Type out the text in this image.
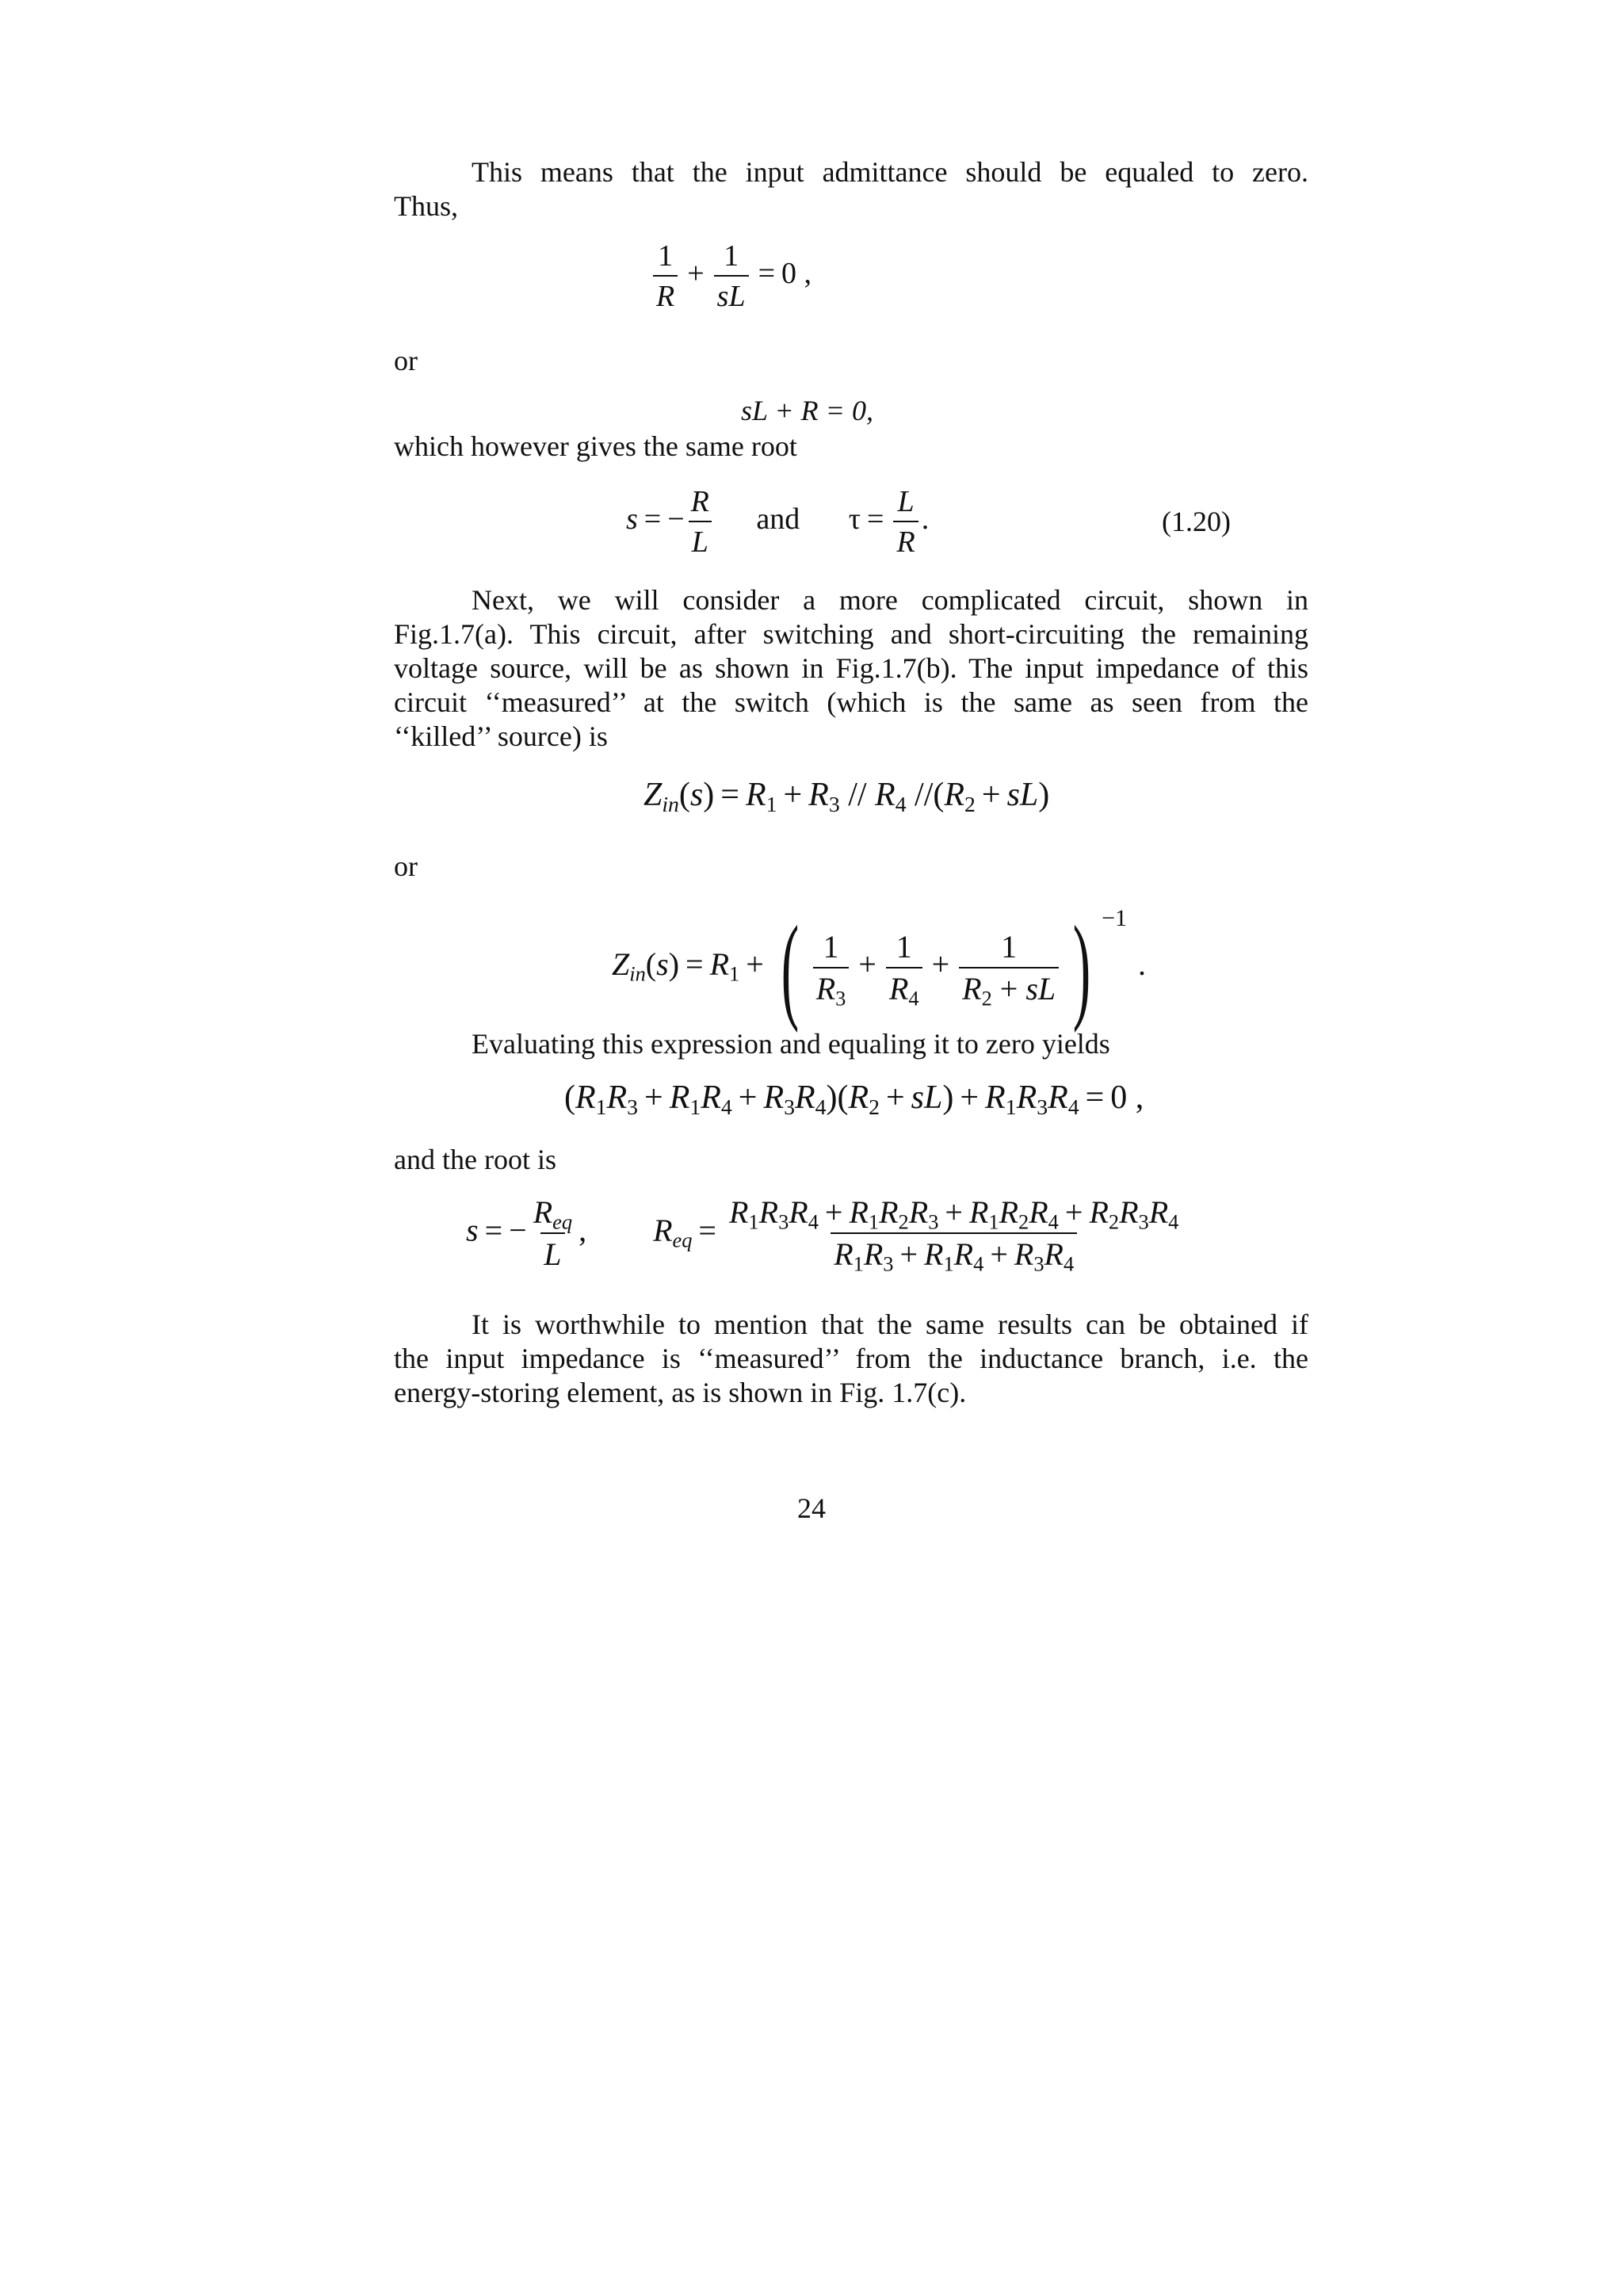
This means that the input admittance should be equaled to zero.
Thus,
$\frac{1}{R} + \frac{1}{sL} = 0$ ,
or
sL + R = 0,
which however gives the same root
s = − $\frac{R}{L}$ and $\tau = \frac{L}{R}$ .	(1.20)
Next, we will consider a more complicated circuit, shown in
Fig.1.7(a). This circuit, after switching and short-circuiting the remaining
voltage source, will be as shown in Fig.1.7(b). The input impedance of this
circuit ‘‘measured’’ at the switch (which is the same as seen from the
‘‘killed’’ source) is
$Z_{in}(s) = R_1 + R_3 // R_4$ $//(R_2 + sL)$
or
$Z_{in}(s) = R_1$ + ( $\frac{1}{R_3} + \frac{1}{R_4} + \frac{1}{R_2 + sL}$ ) $^{-1}$.
Evaluating this expression and equaling it to zero yields
$(R_1R_3 + R_1R_4 + R_3R_4)(R_2 + sL) + R_1R_3R_4 = 0$ ,
and the root is
s = − $\frac{R_{eq}}{L}$ , $R_{eq} = \frac{R_1R_3R_4 + R_1R_2R_3 + R_1R_2R_4 + R_2R_3R_4}{R_1R_3 + R_1R_4 + R_3R_4}$
It is worthwhile to mention that the same results can be obtained if
the input impedance is ‘‘measured’’ from the inductance branch, i.e. the
energy-storing element, as is shown in Fig. 1.7(c).
24
